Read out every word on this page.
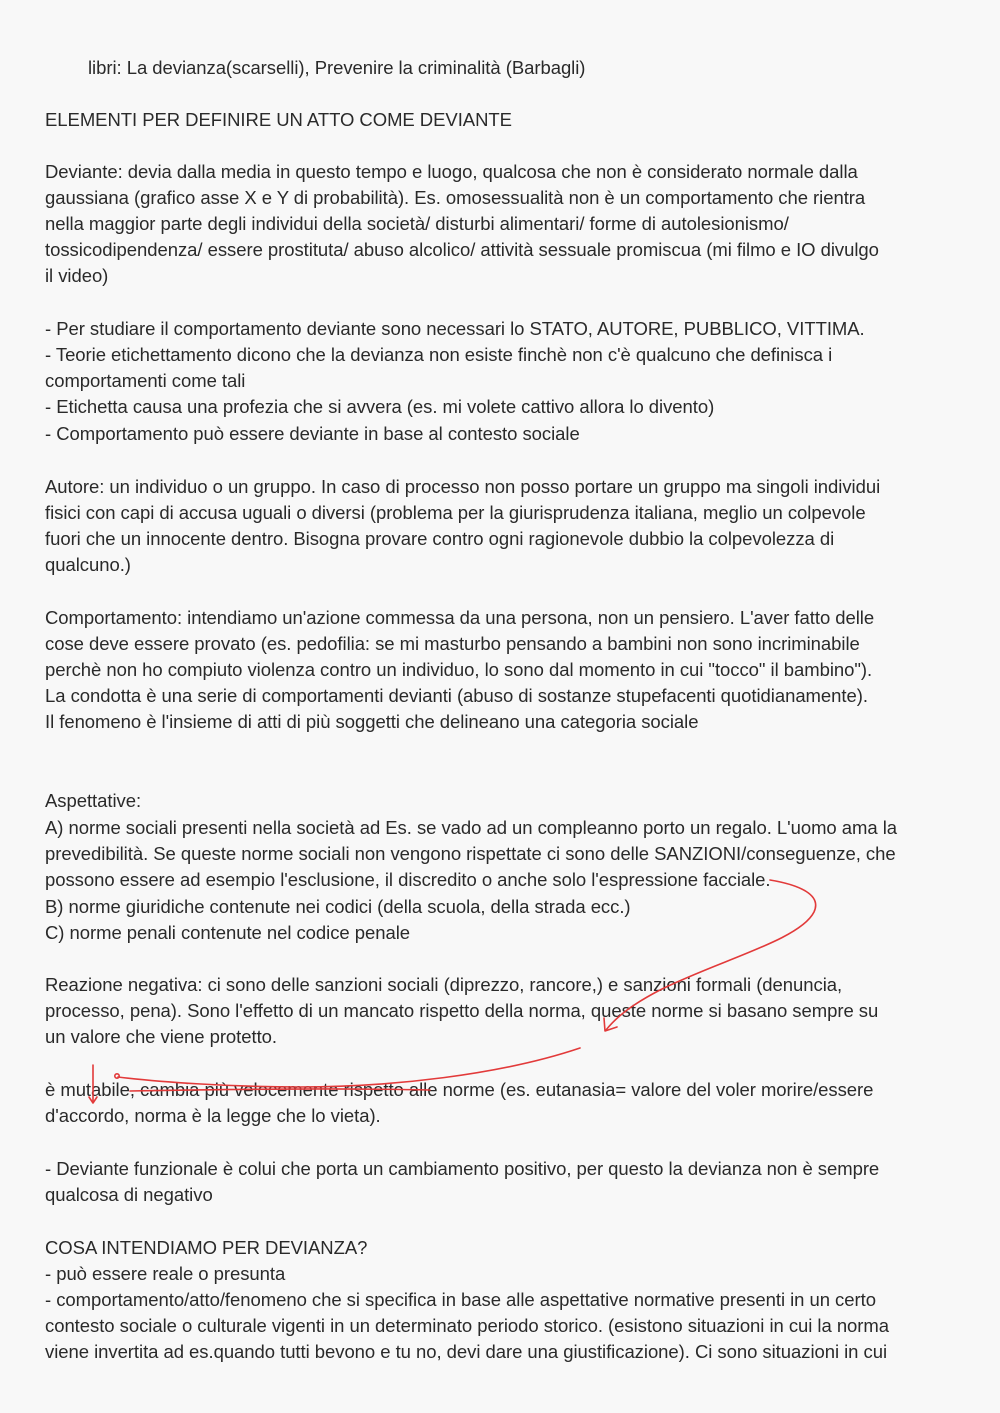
libri: La devianza(scarselli), Prevenire la criminalità (Barbagli)
ELEMENTI PER DEFINIRE UN ATTO COME DEVIANTE
Deviante: devia dalla media in questo tempo e luogo, qualcosa che non è considerato normale dalla
gaussiana (grafico asse X e Y di probabilità). Es. omosessualità non è un comportamento che rientra
nella maggior parte degli individui della società/ disturbi alimentari/ forme di autolesionismo/
tossicodipendenza/ essere prostituta/ abuso alcolico/ attività sessuale promiscua (mi filmo e IO divulgo
il video)
- Per studiare il comportamento deviante sono necessari lo STATO, AUTORE, PUBBLICO, VITTIMA.
- Teorie etichettamento dicono che la devianza non esiste finchè non c'è qualcuno che definisca i
comportamenti come tali
- Etichetta causa una profezia che si avvera (es. mi volete cattivo allora lo divento)
- Comportamento può essere deviante in base al contesto sociale
Autore: un individuo o un gruppo. In caso di processo non posso portare un gruppo ma singoli individui
fisici con capi di accusa uguali o diversi (problema per la giurisprudenza italiana, meglio un colpevole
fuori che un innocente dentro. Bisogna provare contro ogni ragionevole dubbio la colpevolezza di
qualcuno.)
Comportamento: intendiamo un'azione commessa da una persona, non un pensiero. L'aver fatto delle
cose deve essere provato (es. pedofilia: se mi masturbo pensando a bambini non sono incriminabile
perchè non ho compiuto violenza contro un individuo, lo sono dal momento in cui "tocco" il bambino").
La condotta è una serie di comportamenti devianti (abuso di sostanze stupefacenti quotidianamente).
Il fenomeno è l'insieme di atti di più soggetti che delineano una categoria sociale
Aspettative:
A) norme sociali presenti nella società ad Es. se vado ad un compleanno porto un regalo. L'uomo ama la
prevedibilità. Se queste norme sociali non vengono rispettate ci sono delle SANZIONI/conseguenze, che
possono essere ad esempio l'esclusione, il discredito o anche solo l'espressione facciale.
B) norme giuridiche contenute nei codici (della scuola, della strada ecc.)
C) norme penali contenute nel codice penale
Reazione negativa: ci sono delle sanzioni sociali (diprezzo, rancore,) e sanzioni formali (denuncia,
processo, pena). Sono l'effetto di un mancato rispetto della norma, queste norme si basano sempre su
un valore che viene protetto.
è mutabile, cambia più velocemente rispetto alle norme (es. eutanasia= valore del voler morire/essere
d'accordo, norma è la legge che lo vieta).
- Deviante funzionale è colui che porta un cambiamento positivo, per questo la devianza non è sempre
qualcosa di negativo
COSA INTENDIAMO PER DEVIANZA?
- può essere reale o presunta
- comportamento/atto/fenomeno che si specifica in base alle aspettative normative presenti in un certo
contesto sociale o culturale vigenti in un determinato periodo storico. (esistono situazioni in cui la norma
viene invertita ad es.quando tutti bevono e tu no, devi dare una giustificazione). Ci sono situazioni in cui
